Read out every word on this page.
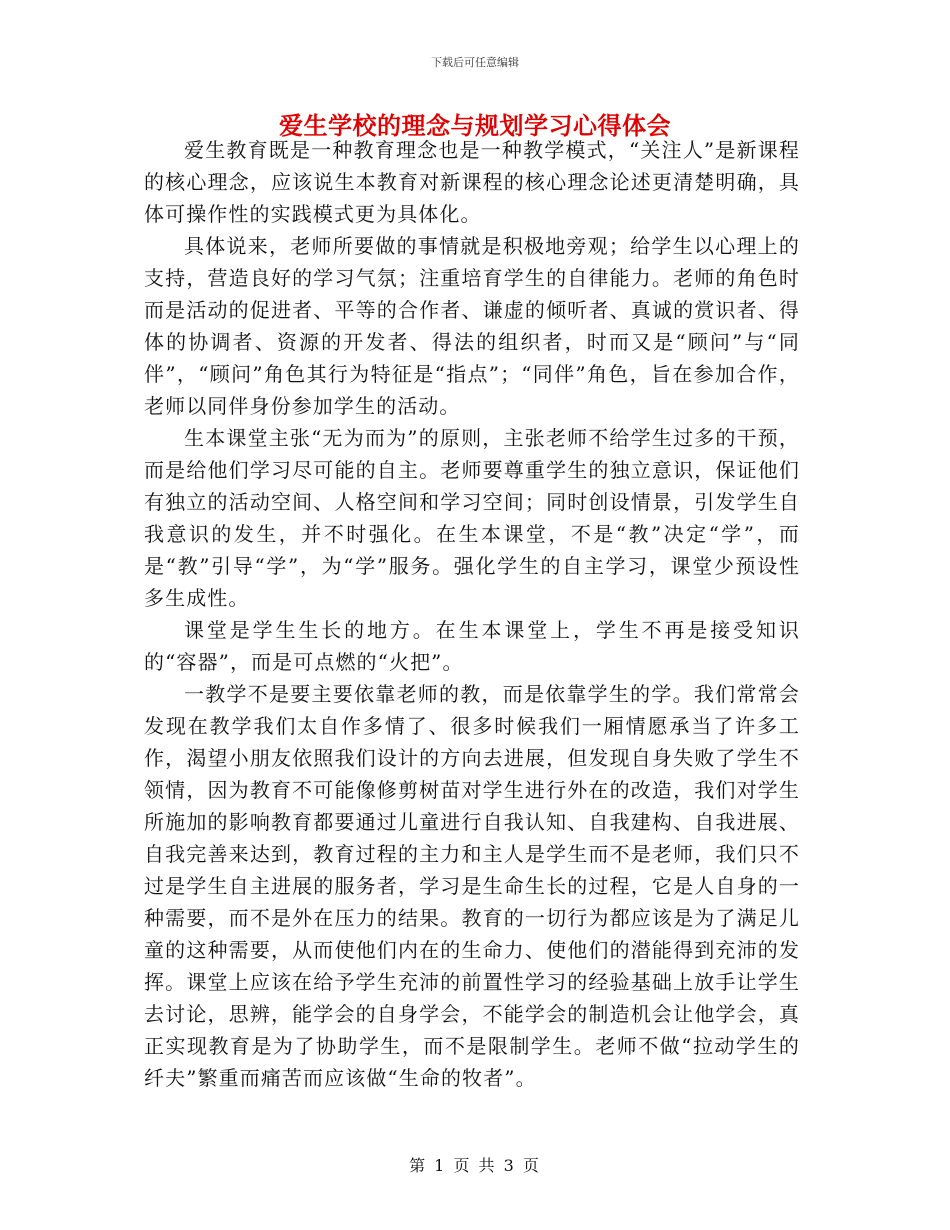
下载后可任意编辑
爱生学校的理念与规划学习心得体会

爱生教育既是一种教育理念也是一种教学模式，“关注人”是新课程的核心理念，应该说生本教育对新课程的核心理念论述更清楚明确，具体可操作性的实践模式更为具体化。

具体说来，老师所要做的事情就是积极地旁观；给学生以心理上的支持，营造良好的学习气氛；注重培育学生的自律能力。老师的角色时而是活动的促进者、平等的合作者、谦虚的倾听者、真诚的赏识者、得体的协调者、资源的开发者、得法的组织者，时而又是“顾问”与“同伴”，“顾问”角色其行为特征是“指点”；“同伴”角色，旨在参加合作，老师以同伴身份参加学生的活动。

生本课堂主张“无为而为”的原则，主张老师不给学生过多的干预，而是给他们学习尽可能的自主。老师要尊重学生的独立意识，保证他们有独立的活动空间、人格空间和学习空间；同时创设情景，引发学生自我意识的发生，并不时强化。在生本课堂，不是“教”决定“学”，而是“教”引导“学”，为“学”服务。强化学生的自主学习，课堂少预设性多生成性。

课堂是学生生长的地方。在生本课堂上，学生不再是接受知识的“容器”，而是可点燃的“火把”。

一教学不是要主要依靠老师的教，而是依靠学生的学。我们常常会发现在教学我们太自作多情了、很多时候我们一厢情愿承当了许多工作，渴望小朋友依照我们设计的方向去进展，但发现自身失败了学生不领情，因为教育不可能像修剪树苗对学生进行外在的改造，我们对学生所施加的影响教育都要通过儿童进行自我认知、自我建构、自我进展、自我完善来达到，教育过程的主力和主人是学生而不是老师，我们只不过是学生自主进展的服务者，学习是生命生长的过程，它是人自身的一种需要，而不是外在压力的结果。教育的一切行为都应该是为了满足儿童的这种需要，从而使他们内在的生命力、使他们的潜能得到充沛的发挥。课堂上应该在给予学生充沛的前置性学习的经验基础上放手让学生去讨论，思辨，能学会的自身学会，不能学会的制造机会让他学会，真正实现教育是为了协助学生，而不是限制学生。老师不做“拉动学生的纤夫”繁重而痛苦而应该做“生命的牧者”。

第 1 页 共 3 页
